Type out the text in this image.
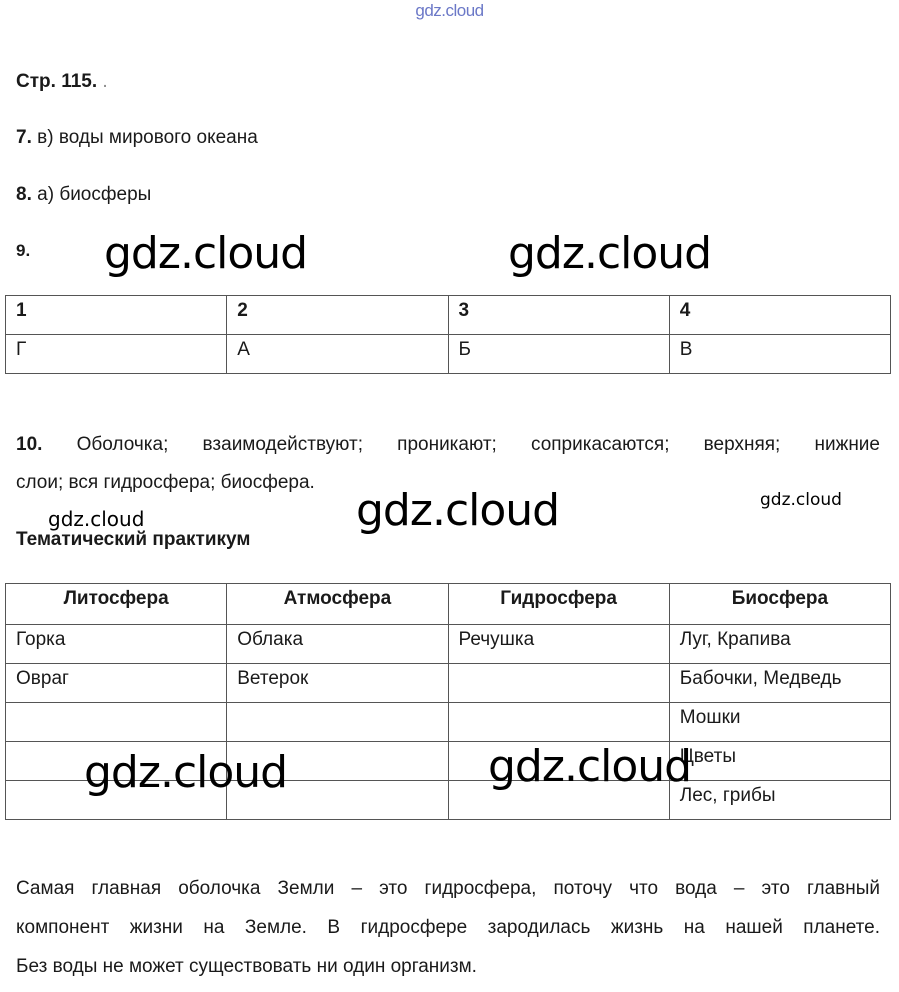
gdz.cloud
Стр. 115. .
7. в) воды мирового океана
8. а) биосферы
9. gdz.cloud	gdz.cloud
1	2	3	4
Г	А	Б	В
10. Оболочка; взаимодействуют; проникают; соприкасаются; верхняя; нижние
слои; вся гидросфера; биосфера.
gdz.cloud
gdz.cloud
gdz.cloud
Тематический практикум
Литосфера	Атмосфера	Гидросфера	Биосфера
Горка	Облака	Речушка	Луг, Крапива
Овраг	Ветерок		Бабочки, Медведь
			Мошки
			Цветы
			Лес, грибы
gdz.cloud	gdz.cloud
Самая главная оболочка Земли – это гидросфера, поточу что вода – это главный
компонент жизни на Земле. В гидросфере зародилась жизнь на нашей планете.
Без воды не может существовать ни один организм.
